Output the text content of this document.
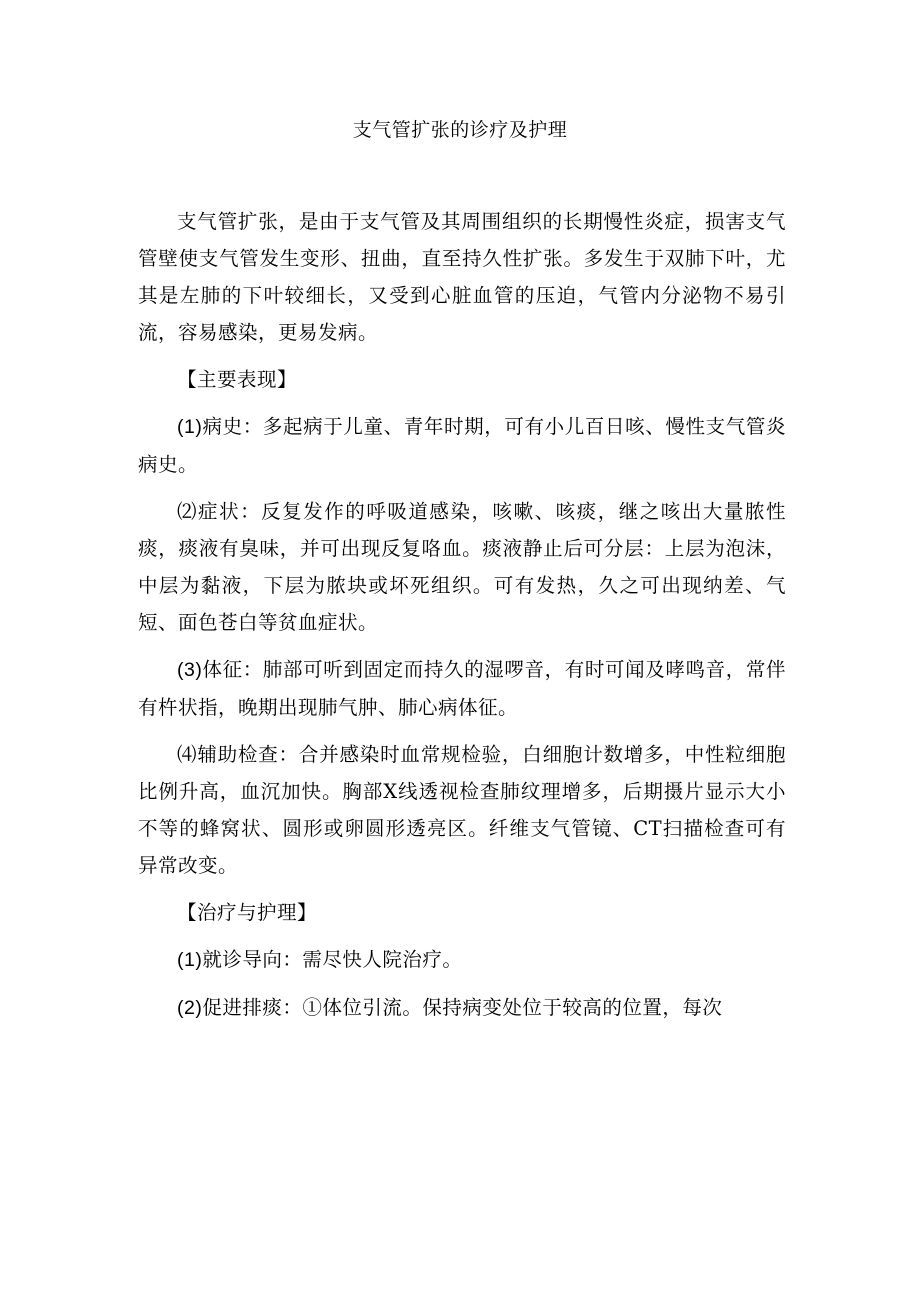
支气管扩张的诊疗及护理

支气管扩张，是由于支气管及其周围组织的长期慢性炎症，损害支气管壁使支气管发生变形、扭曲，直至持久性扩张。多发生于双肺下叶，尤其是左肺的下叶较细长，又受到心脏血管的压迫，气管内分泌物不易引流，容易感染，更易发病。

【主要表现】

(1)病史：多起病于儿童、青年时期，可有小儿百日咳、慢性支气管炎病史。

⑵症状：反复发作的呼吸道感染，咳嗽、咳痰，继之咳出大量脓性痰，痰液有臭味，并可出现反复咯血。痰液静止后可分层：上层为泡沫，中层为黏液，下层为脓块或坏死组织。可有发热，久之可出现纳差、气短、面色苍白等贫血症状。

(3)体征：肺部可听到固定而持久的湿啰音，有时可闻及哮鸣音，常伴有杵状指，晚期出现肺气肿、肺心病体征。

⑷辅助检查：合并感染时血常规检验，白细胞计数增多，中性粒细胞比例升高，血沉加快。胸部X线透视检查肺纹理增多，后期摄片显示大小不等的蜂窝状、圆形或卵圆形透亮区。纤维支气管镜、CT扫描检查可有异常改变。

【治疗与护理】

(1)就诊导向：需尽快人院治疗。

(2)促进排痰：①体位引流。保持病变处位于较高的位置，每次
